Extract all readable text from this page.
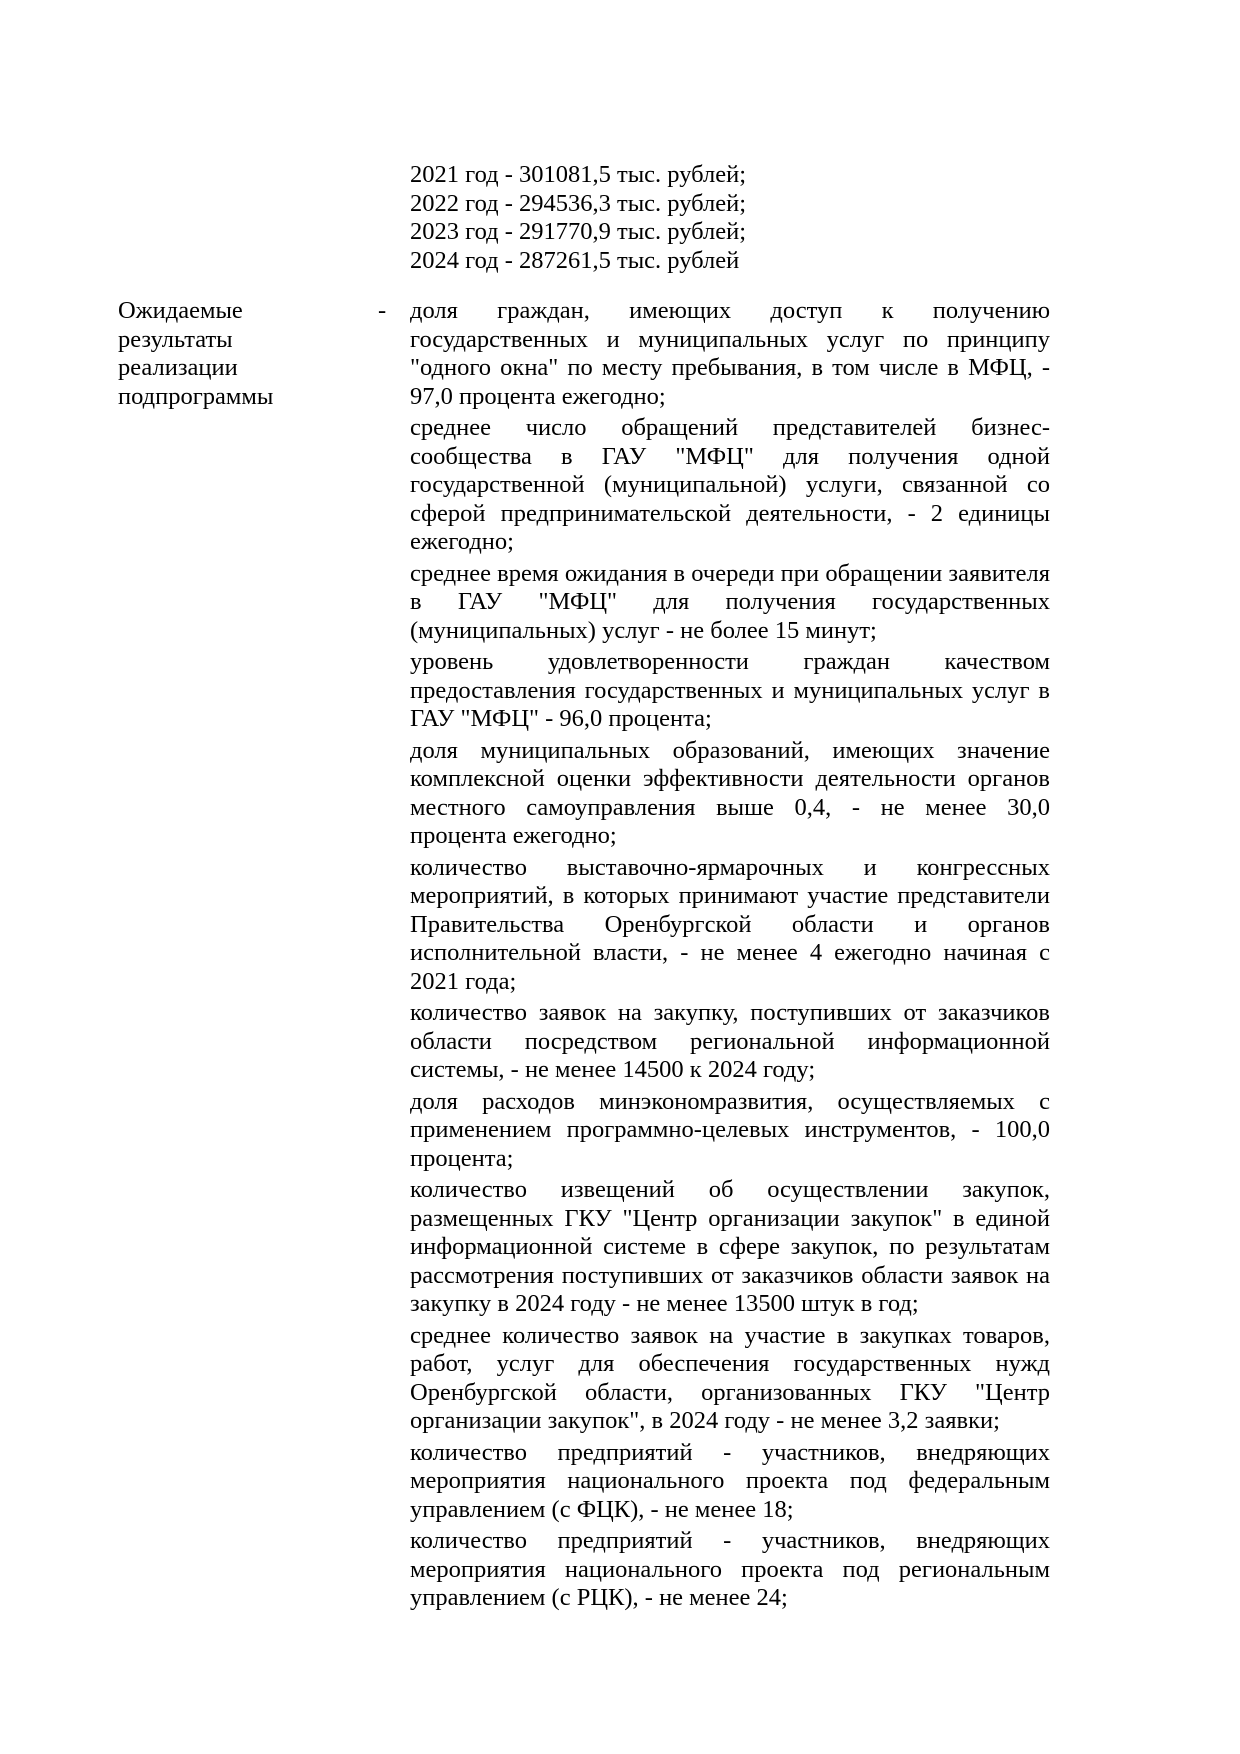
2021 год - 301081,5 тыс. рублей;
2022 год - 294536,3 тыс. рублей;
2023 год - 291770,9 тыс. рублей;
2024 год - 287261,5 тыс. рублей
Ожидаемые
результаты
реализации
подпрограммы
- доля граждан, имеющих доступ к получению государственных и муниципальных услуг по принципу "одного окна" по месту пребывания, в том числе в МФЦ, - 97,0 процента ежегодно;

среднее число обращений представителей бизнес-сообщества в ГАУ "МФЦ" для получения одной государственной (муниципальной) услуги, связанной со сферой предпринимательской деятельности, - 2 единицы ежегодно;

среднее время ожидания в очереди при обращении заявителя в ГАУ "МФЦ" для получения государственных (муниципальных) услуг - не более 15 минут;

уровень удовлетворенности граждан качеством предоставления государственных и муниципальных услуг в ГАУ "МФЦ" - 96,0 процента;

доля муниципальных образований, имеющих значение комплексной оценки эффективности деятельности органов местного самоуправления выше 0,4, - не менее 30,0 процента ежегодно;

количество выставочно-ярмарочных и конгрессных мероприятий, в которых принимают участие представители Правительства Оренбургской области и органов исполнительной власти, - не менее 4 ежегодно начиная с 2021 года;

количество заявок на закупку, поступивших от заказчиков области посредством региональной информационной системы, - не менее 14500 к 2024 году;

доля расходов минэкономразвития, осуществляемых с применением программно-целевых инструментов, - 100,0 процента;

количество извещений об осуществлении закупок, размещенных ГКУ "Центр организации закупок" в единой информационной системе в сфере закупок, по результатам рассмотрения поступивших от заказчиков области заявок на закупку в 2024 году - не менее 13500 штук в год;

среднее количество заявок на участие в закупках товаров, работ, услуг для обеспечения государственных нужд Оренбургской области, организованных ГКУ "Центр организации закупок", в 2024 году - не менее 3,2 заявки;

количество предприятий - участников, внедряющих мероприятия национального проекта под федеральным управлением (с ФЦК), - не менее 18;

количество предприятий - участников, внедряющих мероприятия национального проекта под региональным управлением (с РЦК), - не менее 24;
